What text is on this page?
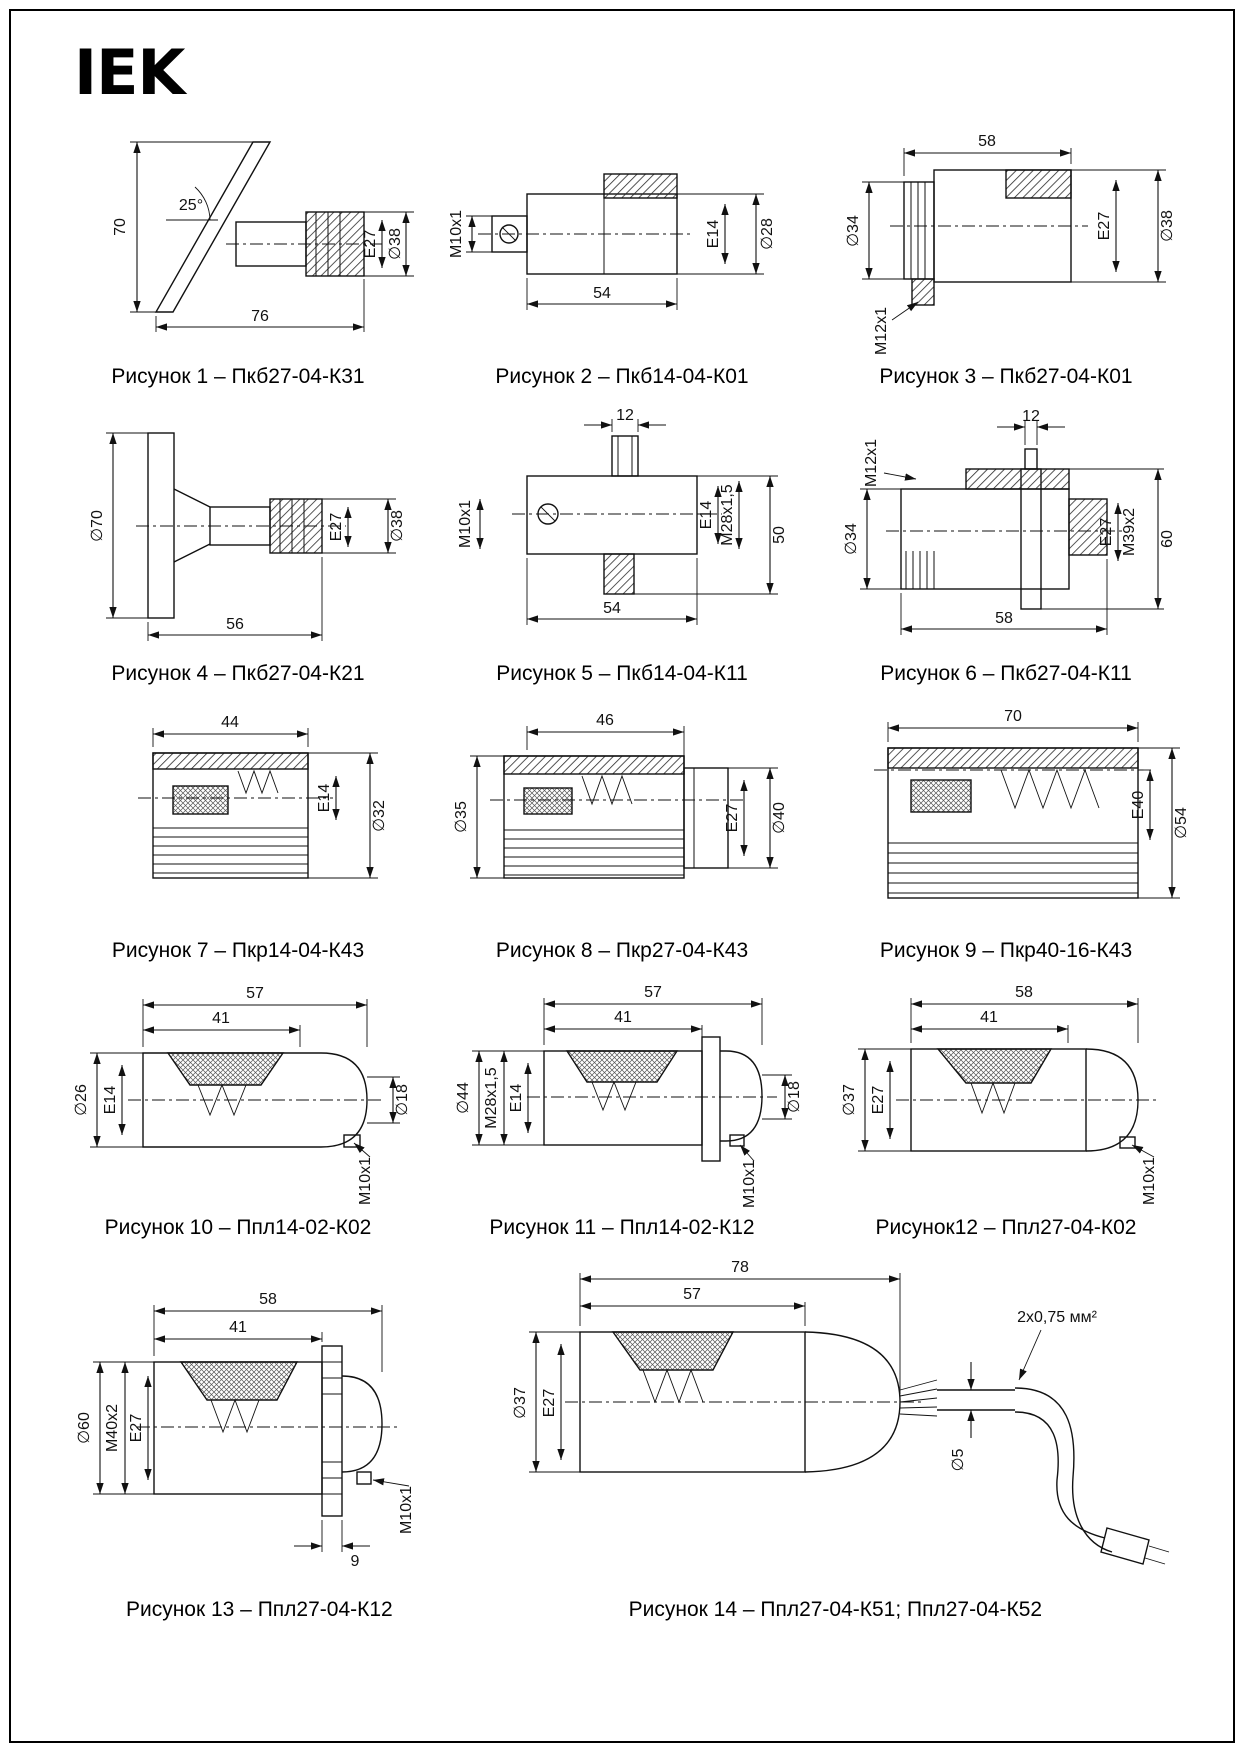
IEK
70
25°
76
E27 ∅38
Рисунок 1 – Пкб27-04-К31
M10x1	E14 ∅28
54
Рисунок 2 – Пкб14-04-К01
58
∅34
M12x1
E27	∅38
Рисунок 3 – Пкб27-04-К01
∅70	E27	∅38
56
Рисунок 4 – Пкб27-04-К21
12
M10x1	E14 M28x1,5 50
54
Рисунок 5 – Пкб14-04-К11
12
M12x1
∅34	E27 M39x2 60
58
Рисунок 6 – Пкб27-04-К11
44
E14
∅32
Рисунок 7 – Пкр14-04-К43
46
∅35	E27 ∅40
Рисунок 8 – Пкр27-04-К43
70
E40
∅54
Рисунок 9 – Пкр40-16-К43
57
41
∅26 E14	∅18
M10x1
Рисунок 10 – Ппл14-02-К02
57
41
∅44 M28x1,5 E14	∅18
M10x1
Рисунок 11 – Ппл14-02-К12
58
41
∅37 E27
M10x1
Рисунок12 – Ппл27-04-К02
58
41
∅60 M40x2 E27
M10x1
9
Рисунок 13 – Ппл27-04-К12
78
57
∅37 E27
2x0,75 мм²
∅5
Рисунок 14 – Ппл27-04-К51; Ппл27-04-К52
